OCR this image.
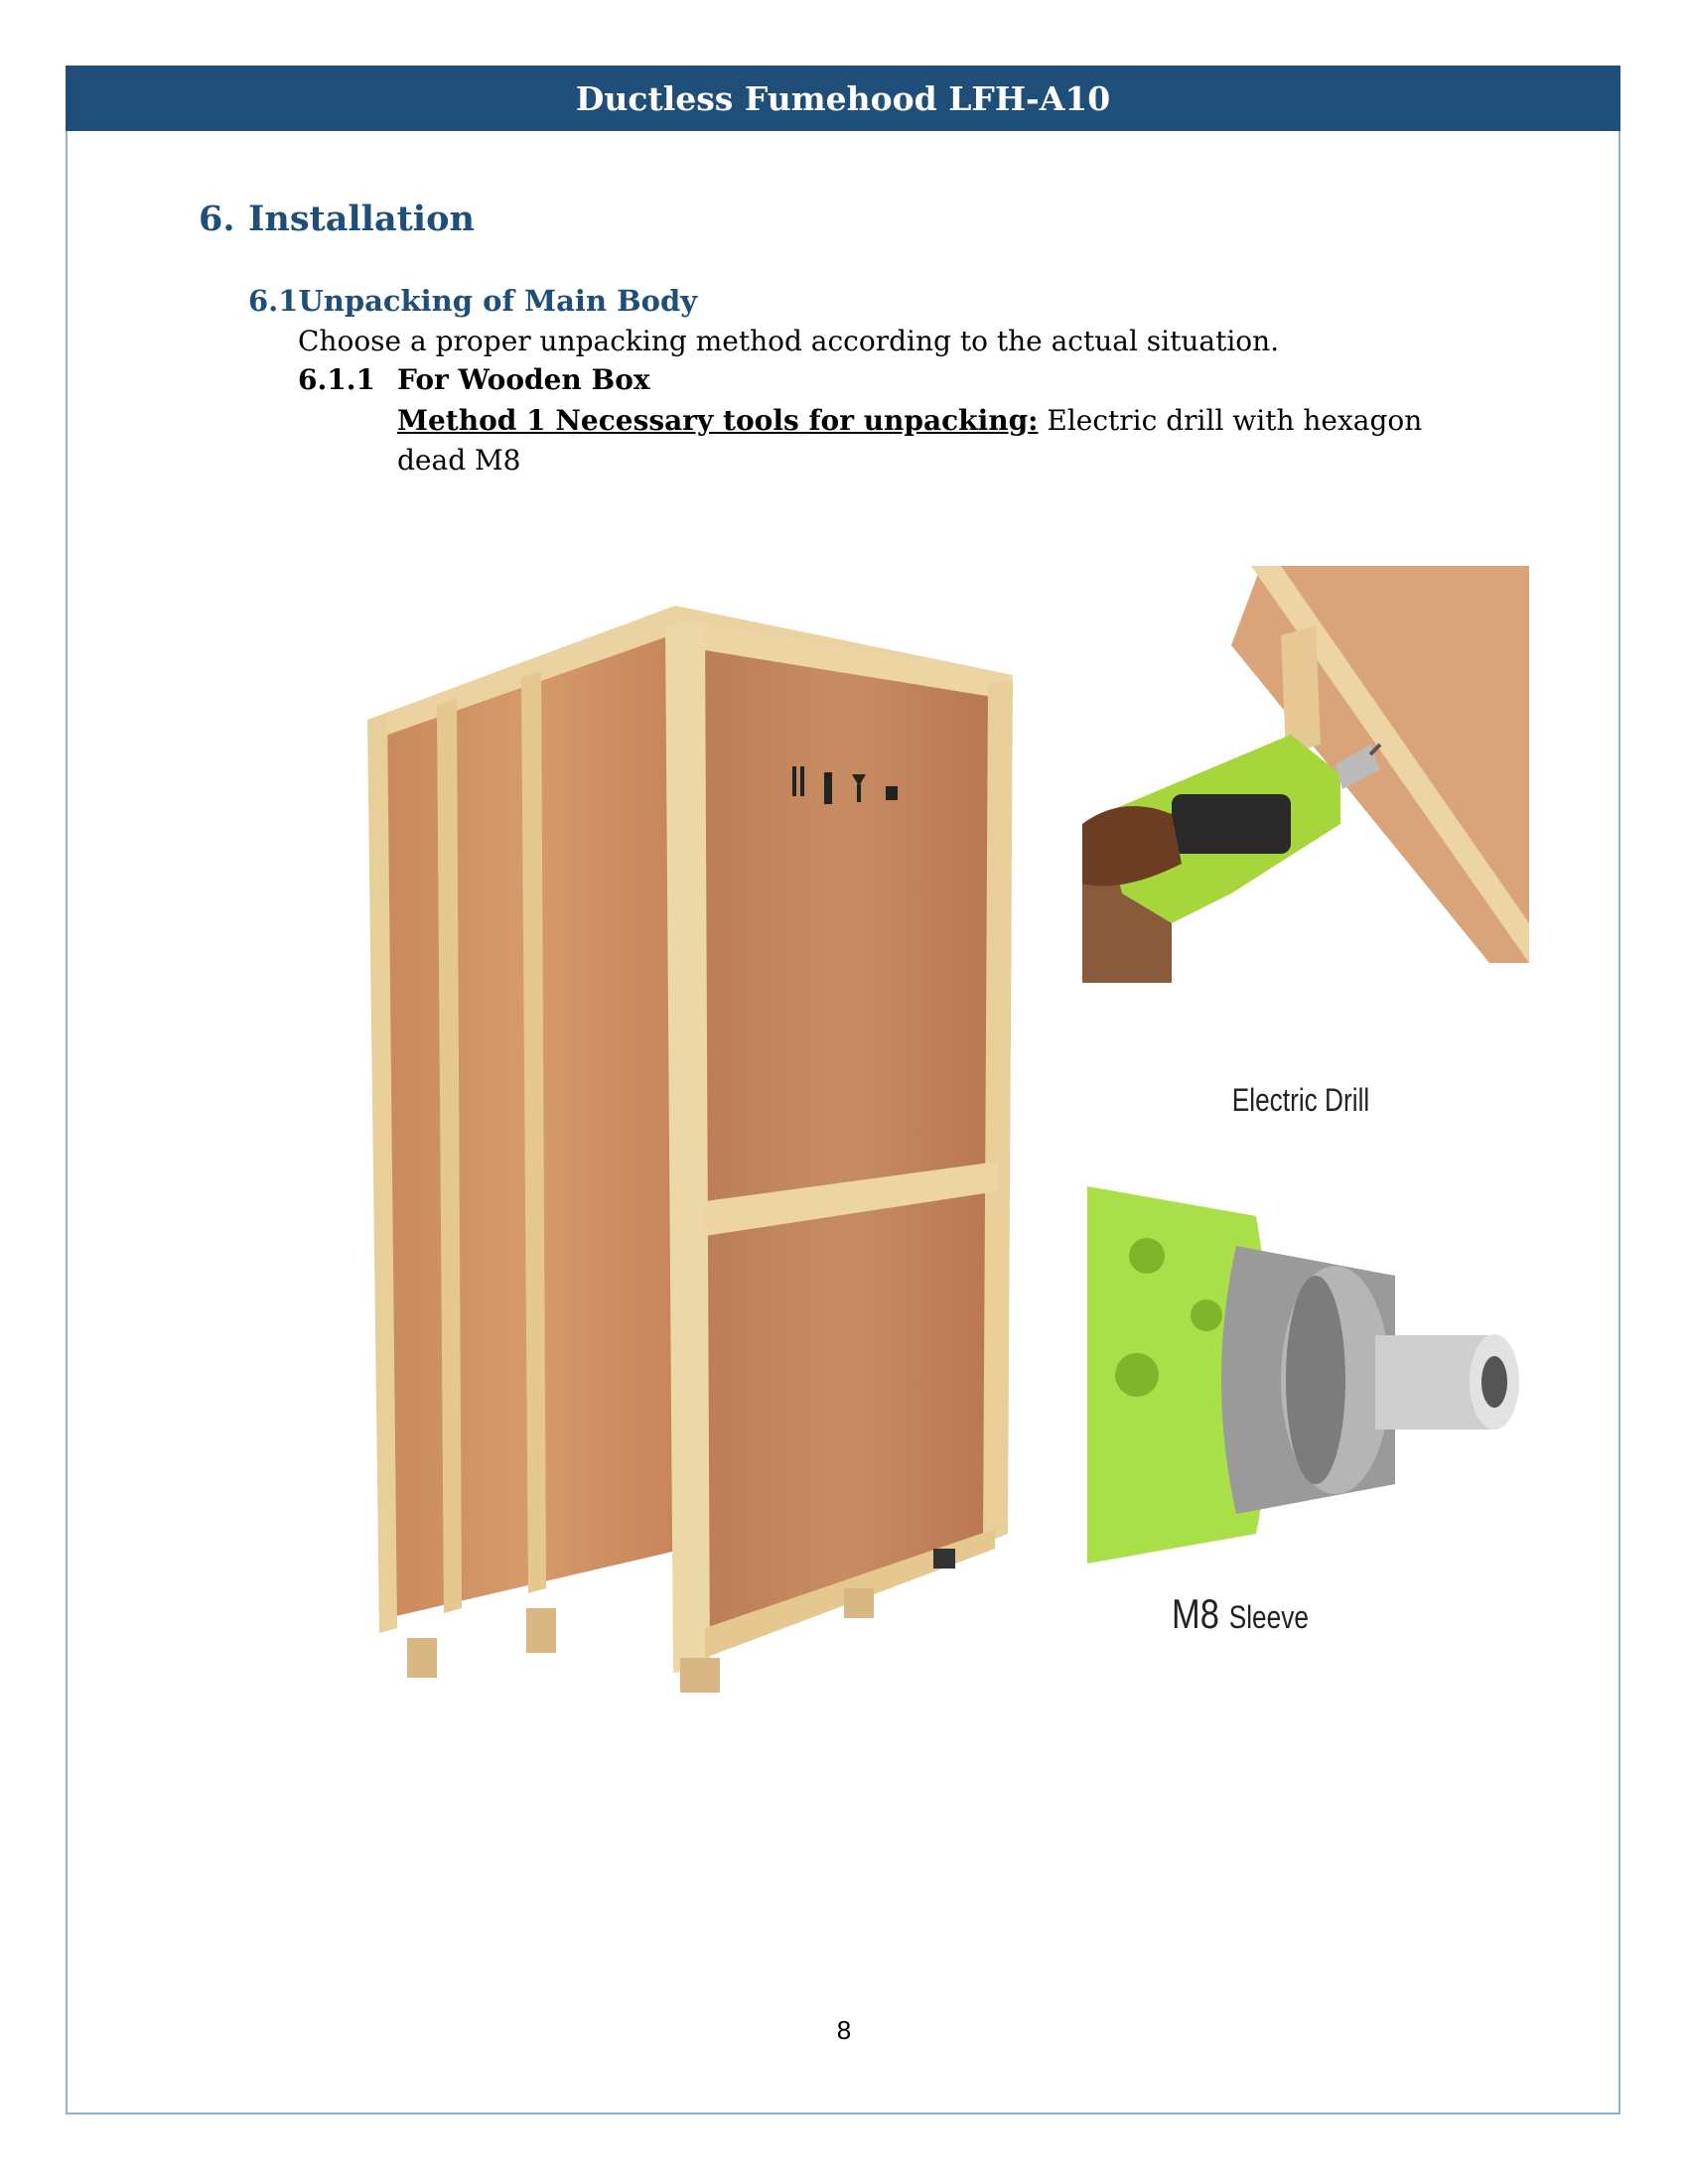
Ductless Fumehood LFH-A10
6. Installation
6.1Unpacking of Main Body
Choose a proper unpacking method according to the actual situation.
6.1.1 For Wooden Box
Method 1 Necessary tools for unpacking: Electric drill with hexagon dead M8
Electric Drill
M8 Sleeve
8
